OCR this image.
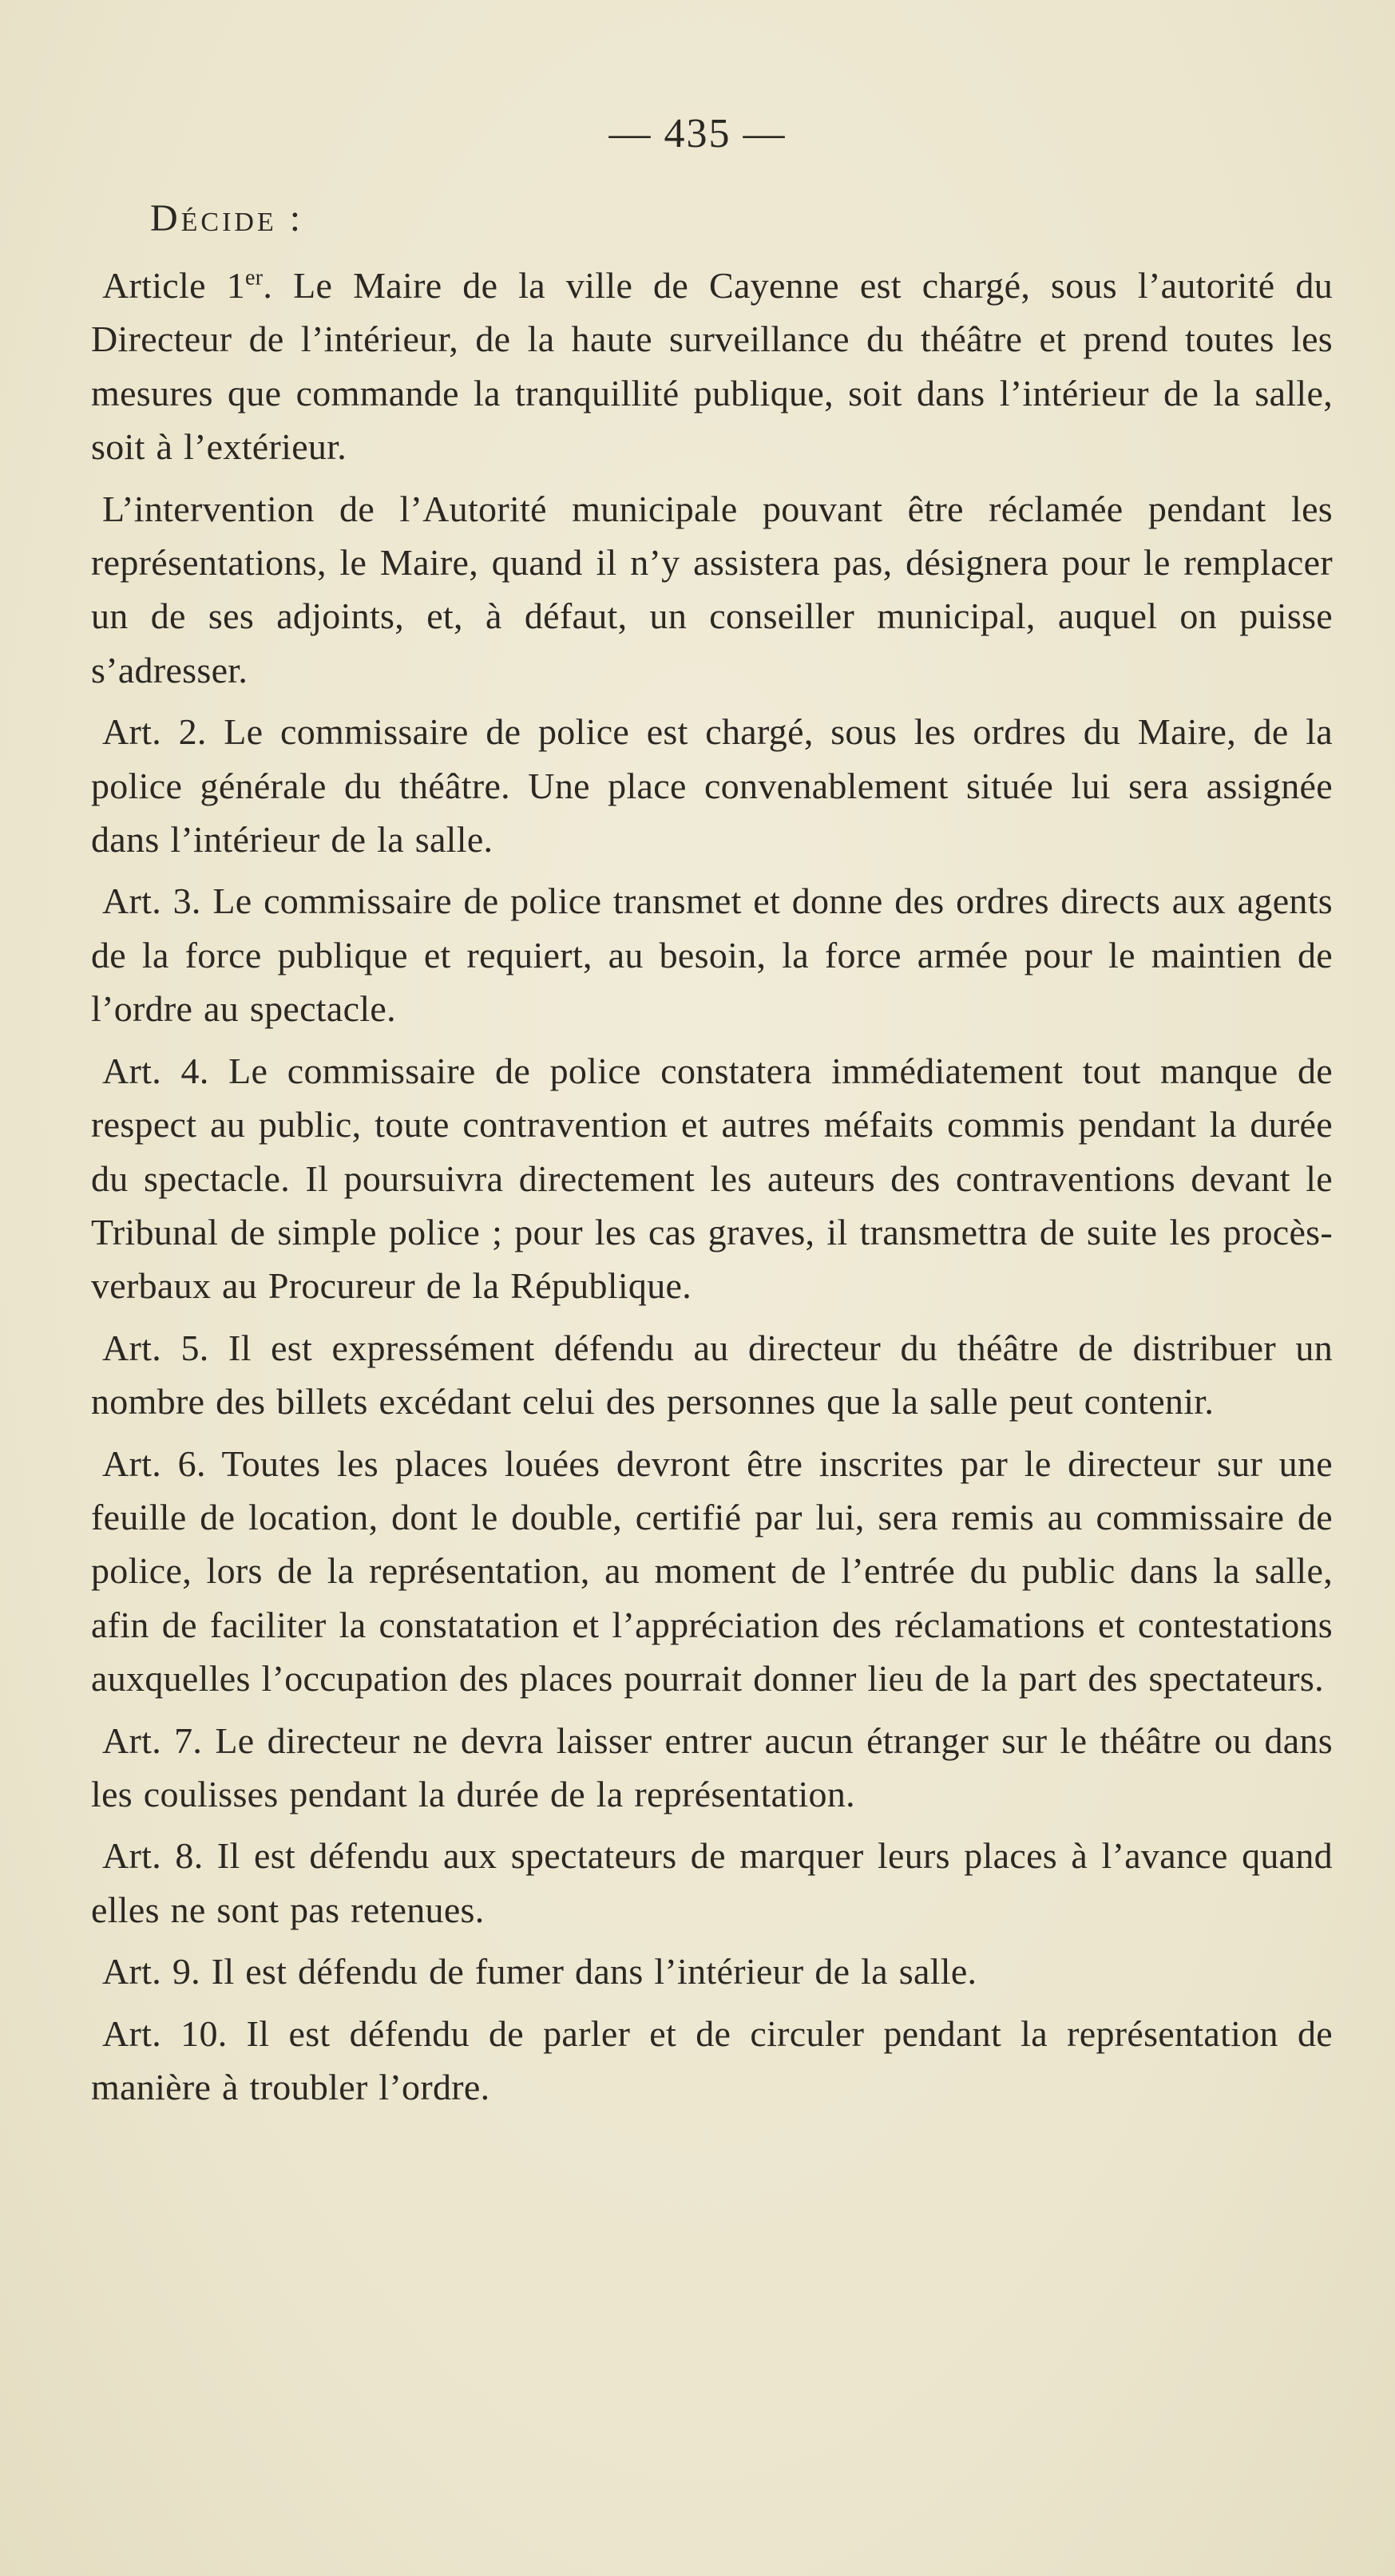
— 435 —
Décide :

Article 1er. Le Maire de la ville de Cayenne est chargé, sous l’autorité du Directeur de l’intérieur, de la haute surveillance du théâtre et prend toutes les mesures que commande la tranquillité publique, soit dans l’intérieur de la salle, soit à l’extérieur.

L’intervention de l’Autorité municipale pouvant être réclamée pendant les représentations, le Maire, quand il n’y assistera pas, désignera pour le remplacer un de ses adjoints, et, à défaut, un conseiller municipal, auquel on puisse s’adresser.

Art. 2. Le commissaire de police est chargé, sous les ordres du Maire, de la police générale du théâtre. Une place convenablement située lui sera assignée dans l’intérieur de la salle.

Art. 3. Le commissaire de police transmet et donne des ordres directs aux agents de la force publique et requiert, au besoin, la force armée pour le maintien de l’ordre au spectacle.

Art. 4. Le commissaire de police constatera immédiatement tout manque de respect au public, toute contravention et autres méfaits commis pendant la durée du spectacle. Il poursuivra directement les auteurs des contraventions devant le Tribunal de simple police ; pour les cas graves, il transmettra de suite les procès-verbaux au Procureur de la République.

Art. 5. Il est expressément défendu au directeur du théâtre de distribuer un nombre des billets excédant celui des personnes que la salle peut contenir.

Art. 6. Toutes les places louées devront être inscrites par le directeur sur une feuille de location, dont le double, certifié par lui, sera remis au commissaire de police, lors de la représentation, au moment de l’entrée du public dans la salle, afin de faciliter la constatation et l’appréciation des réclamations et contestations auxquelles l’occupation des places pourrait donner lieu de la part des spectateurs.

Art. 7. Le directeur ne devra laisser entrer aucun étranger sur le théâtre ou dans les coulisses pendant la durée de la représentation.

Art. 8. Il est défendu aux spectateurs de marquer leurs places à l’avance quand elles ne sont pas retenues.

Art. 9. Il est défendu de fumer dans l’intérieur de la salle.

Art. 10. Il est défendu de parler et de circuler pendant la représentation de manière à troubler l’ordre.
